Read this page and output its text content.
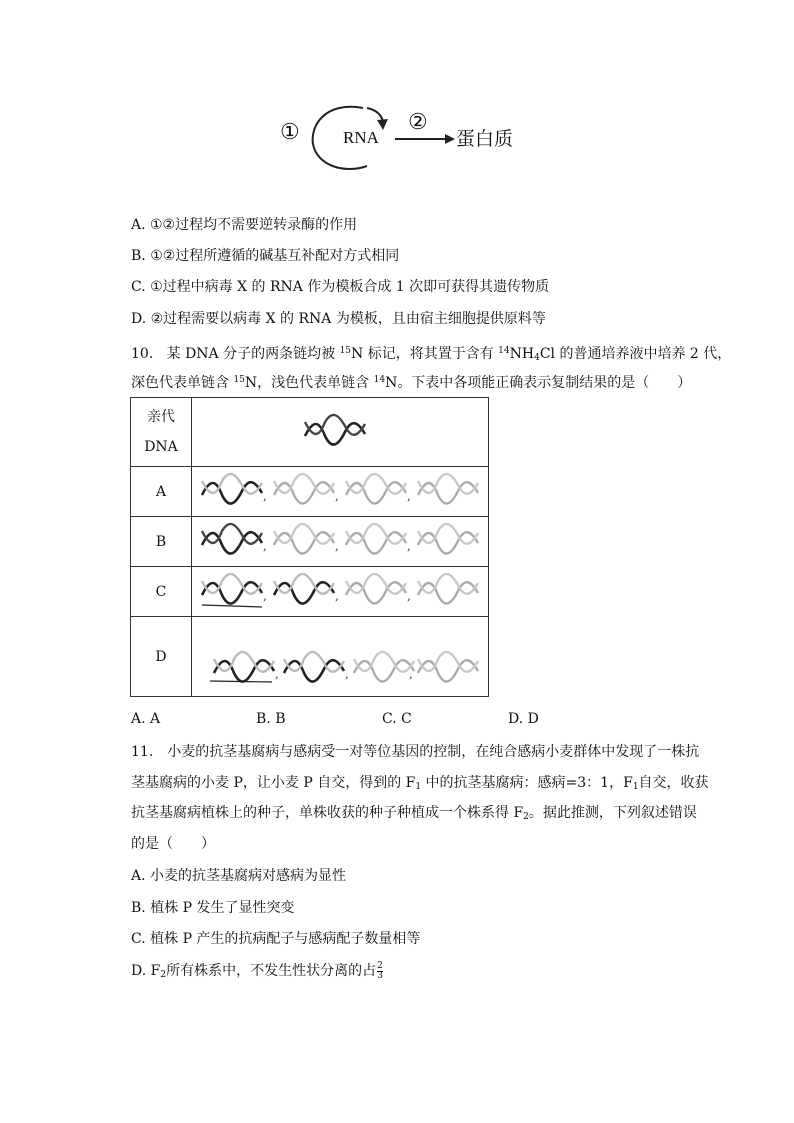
①	RNA
②
蛋白质
A. ①②过程均不需要逆转录酶的作用
B. ①②过程所遵循的碱基互补配对方式相同
C. ①过程中病毒 X 的 RNA 作为模板合成 1 次即可获得其遗传物质
D. ②过程需要以病毒 X 的 RNA 为模板，且由宿主细胞提供原料等
10. 某 DNA 分子的两条链均被 $^{15}$N 标记，将其置于含有 $^{14}NH_4Cl$ 的普通培养液中培养 2 代，
深色代表单链含 $^{15}$N，浅色代表单链含 $^{14}$N。下表中各项能正确表示复制结果的是（　　）
亲代
DNA

A	, , ,

B	, , ,

C	, , ,

D	, , ,
A. A	B. B	C. C	D. D
11.　小麦的抗茎基腐病与感病受一对等位基因的控制，在纯合感病小麦群体中发现了一株抗
茎基腐病的小麦 P，让小麦 P 自交，得到的 $F_1$ 中的抗茎基腐病：感病=3：1，$F_1$自交，收获
抗茎基腐病植株上的种子，单株收获的种子种植成一个株系得 $F_2$。据此推测，下列叙述错误
的是（　　）
A. 小麦的抗茎基腐病对感病为显性
B. 植株 P 发生了显性突变
C. 植株 P 产生的抗病配子与感病配子数量相等
D. $F_2$所有株系中，不发生性状分离的占 $\frac{2}{3}$
